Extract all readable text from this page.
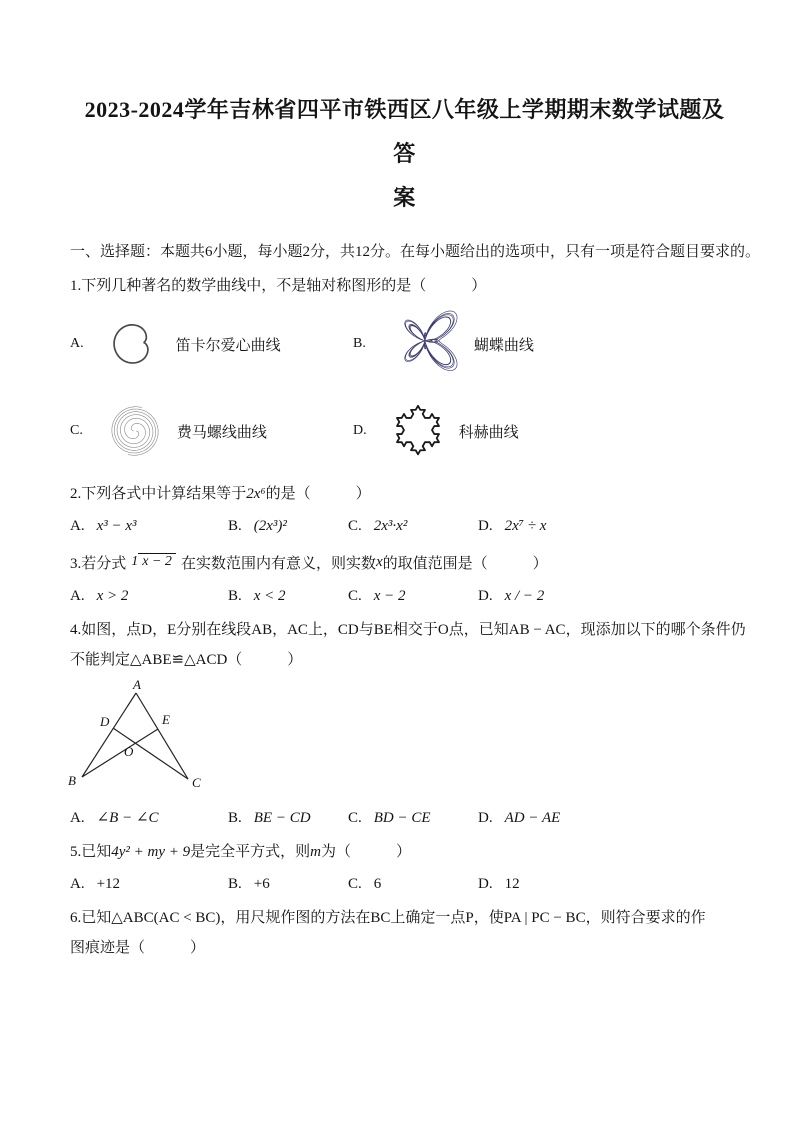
2023-2024学年吉林省四平市铁西区八年级上学期期末数学试题及答
案

一、选择题：本题共6小题，每小题2分，共12分。在每小题给出的选项中，只有一项是符合题目要求的。

1.下列几种著名的数学曲线中，不是轴对称图形的是（　　　）

A.	笛卡尔爱心曲线	B.	蝴蝶曲线
C.	费马螺线曲线	D.	科赫曲线

2.下列各式中计算结果等于2x⁶的是（　　　）

A. x³ − x³	B. (2x³)²	C. 2x³·x²	D. 2x⁷ ÷ x

3.若分式 1 x − 2 在实数范围内有意义，则实数x的取值范围是（　　　）

A. x > 2	B. x < 2	C. x − 2	D. x / − 2

4.如图，点D，E分别在线段AB，AC上，CD与BE相交于O点，已知AB − AC，现添加以下的哪个条件仍

不能判定△ABE≌△ACD（　　　）

A
B	C
D	E
O
A. ∠B − ∠C	B. BE − CD C. BD − CE	D. AD − AE

5.已知4y² + my + 9是完全平方式，则m为（　　　）

A. +12	B. +6	C. 6	D. 12

6.已知△ABC(AC < BC)，用尺规作图的方法在BC上确定一点P，使PA | PC − BC，则符合要求的作

图痕迹是（　　　）
